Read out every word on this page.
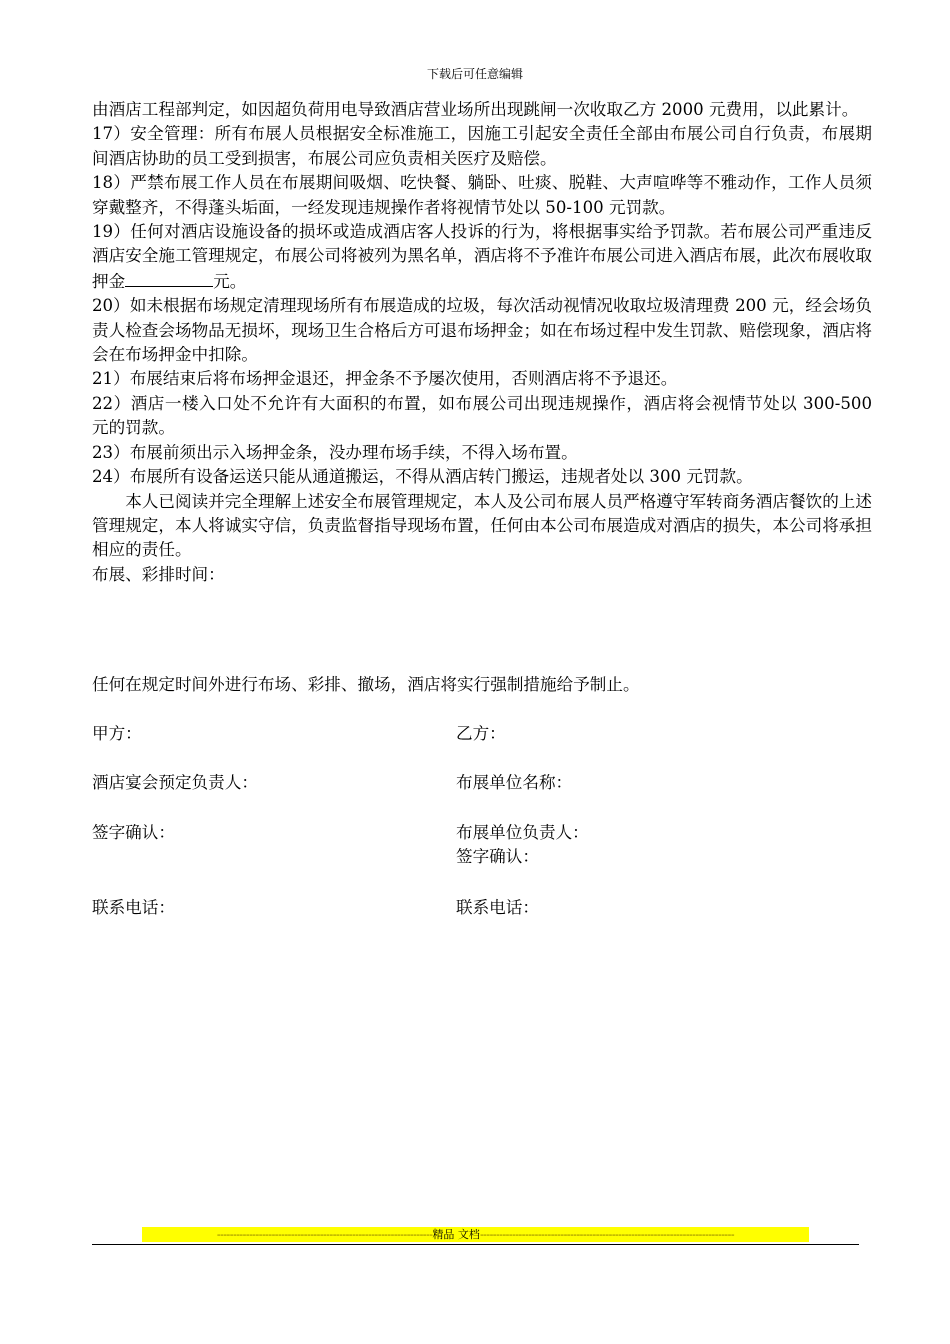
下载后可任意编辑

由酒店工程部判定，如因超负荷用电导致酒店营业场所出现跳闸一次收取乙方 2000 元费用，以此累计。

17）安全管理：所有布展人员根据安全标准施工，因施工引起安全责任全部由布展公司自行负责，布展期间酒店协助的员工受到损害，布展公司应负责相关医疗及赔偿。

18）严禁布展工作人员在布展期间吸烟、吃快餐、躺卧、吐痰、脱鞋、大声喧哗等不雅动作，工作人员须穿戴整齐，不得蓬头垢面，一经发现违规操作者将视情节处以 50-100 元罚款。

19）任何对酒店设施设备的损坏或造成酒店客人投诉的行为，将根据事实给予罚款。若布展公司严重违反酒店安全施工管理规定，布展公司将被列为黑名单，酒店将不予准许布展公司进入酒店布展，此次布展收取押金	元。

20）如未根据布场规定清理现场所有布展造成的垃圾，每次活动视情况收取垃圾清理费 200 元，经会场负责人检查会场物品无损坏，现场卫生合格后方可退布场押金；如在布场过程中发生罚款、赔偿现象，酒店将会在布场押金中扣除。

21）布展结束后将布场押金退还，押金条不予屡次使用，否则酒店将不予退还。

22）酒店一楼入口处不允许有大面积的布置，如布展公司出现违规操作，酒店将会视情节处以 300-500 元的罚款。

23）布展前须出示入场押金条，没办理布场手续，不得入场布置。

24）布展所有设备运送只能从通道搬运，不得从酒店转门搬运，违规者处以 300 元罚款。

本人已阅读并完全理解上述安全布展管理规定，本人及公司布展人员严格遵守军转商务酒店餐饮的上述管理规定，本人将诚实守信，负责监督指导现场布置，任何由本公司布展造成对酒店的损失，本公司将承担相应的责任。

布展、彩排时间：

任何在规定时间外进行布场、彩排、撤场，酒店将实行强制措施给予制止。
甲方：	乙方：
酒店宴会预定负责人：	布展单位名称：
签字确认：	布展单位负责人：
签字确认：
联系电话：	联系电话：
-------------------------------------------------------------------精品 文档-------------------------------------------------------------------------------
